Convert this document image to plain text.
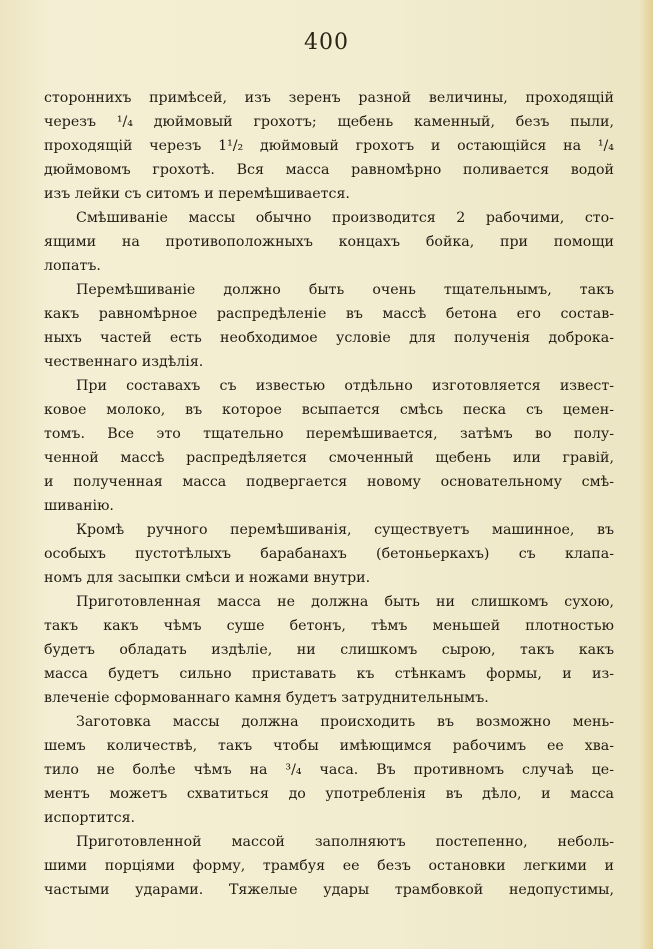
400
стороннихъ примѣсей, изъ зеренъ разной величины, проходящій
черезъ ¹/₄ дюймовый грохотъ; щебень каменный, безъ пыли,
проходящій черезъ 1¹/₂ дюймовый грохотъ и остающійся на ¹/₄
дюймовомъ грохотѣ. Вся масса равномѣрно поливается водой
изъ лейки съ ситомъ и перемѣшивается.
Смѣшиваніе массы обычно производится 2 рабочими, сто-
ящими на противоположныхъ концахъ бойка, при помощи
лопатъ.
Перемѣшиваніе должно быть очень тщательнымъ, такъ
какъ равномѣрное распредѣленіе въ массѣ бетона его состав-
ныхъ частей есть необходимое условіе для полученія доброка-
чественнаго издѣлія.
При составахъ съ известью отдѣльно изготовляется извест-
ковое молоко, въ которое всыпается смѣсь песка съ цемен-
томъ. Все это тщательно перемѣшивается, затѣмъ во полу-
ченной массѣ распредѣляется смоченный щебень или гравій,
и полученная масса подвергается новому основательному смѣ-
шиванію.
Кромѣ ручного перемѣшиванія, существуетъ машинное, въ
особыхъ пустотѣлыхъ барабанахъ (бетоньеркахъ) съ клапа-
номъ для засыпки смѣси и ножами внутри.
Приготовленная масса не должна быть ни слишкомъ сухою,
такъ какъ чѣмъ суше бетонъ, тѣмъ меньшей плотностью
будетъ обладать издѣліе, ни слишкомъ сырою, такъ какъ
масса будетъ сильно приставать къ стѣнкамъ формы, и из-
влеченіе сформованнаго камня будетъ затруднительнымъ.
Заготовка массы должна происходить въ возможно мень-
шемъ количествѣ, такъ чтобы имѣющимся рабочимъ ее хва-
тило не болѣе чѣмъ на ³/₄ часа. Въ противномъ случаѣ це-
ментъ можетъ схватиться до употребленія въ дѣло, и масса
испортится.
Приготовленной массой заполняютъ постепенно, неболь-
шими порціями форму, трамбуя ее безъ остановки легкими и
частыми ударами. Тяжелые удары трамбовкой недопустимы,
